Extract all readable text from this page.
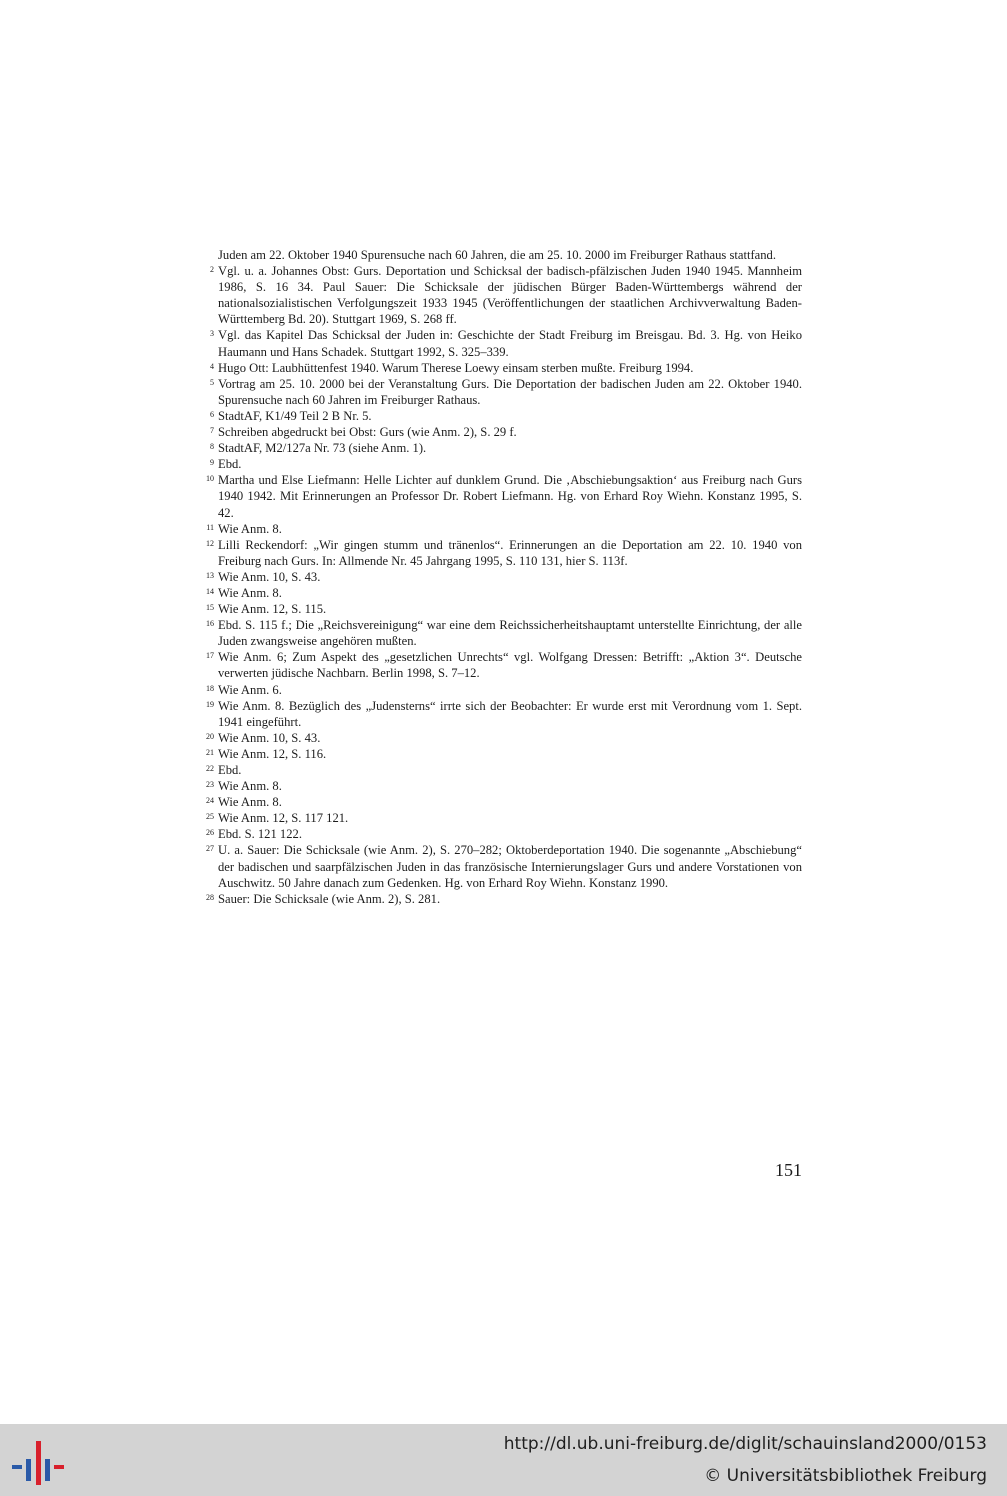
Juden am 22. Oktober 1940 Spurensuche nach 60 Jahren, die am 25. 10. 2000 im Freiburger Rathaus stattfand.
2 Vgl. u. a. Johannes Obst: Gurs. Deportation und Schicksal der badisch-pfälzischen Juden 1940 1945. Mannheim 1986, S. 16 34. Paul Sauer: Die Schicksale der jüdischen Bürger Baden-Württembergs während der nationalsozialistischen Verfolgungszeit 1933 1945 (Veröffentlichungen der staatlichen Archivverwaltung Baden-Württemberg Bd. 20). Stuttgart 1969, S. 268 ff.
3 Vgl. das Kapitel Das Schicksal der Juden in: Geschichte der Stadt Freiburg im Breisgau. Bd. 3. Hg. von Heiko Haumann und Hans Schadek. Stuttgart 1992, S. 325–339.
4 Hugo Ott: Laubhüttenfest 1940. Warum Therese Loewy einsam sterben mußte. Freiburg 1994.
5 Vortrag am 25. 10. 2000 bei der Veranstaltung Gurs. Die Deportation der badischen Juden am 22. Oktober 1940. Spurensuche nach 60 Jahren im Freiburger Rathaus.
6 StadtAF, K1/49 Teil 2 B Nr. 5.
7 Schreiben abgedruckt bei Obst: Gurs (wie Anm. 2), S. 29 f.
8 StadtAF, M2/127a Nr. 73 (siehe Anm. 1).
9 Ebd.
10 Martha und Else Liefmann: Helle Lichter auf dunklem Grund. Die ‚Abschiebungsaktion‘ aus Freiburg nach Gurs 1940 1942. Mit Erinnerungen an Professor Dr. Robert Liefmann. Hg. von Erhard Roy Wiehn. Konstanz 1995, S. 42.
11 Wie Anm. 8.
12 Lilli Reckendorf: „Wir gingen stumm und tränenlos“. Erinnerungen an die Deportation am 22. 10. 1940 von Freiburg nach Gurs. In: Allmende Nr. 45 Jahrgang 1995, S. 110 131, hier S. 113f.
13 Wie Anm. 10, S. 43.
14 Wie Anm. 8.
15 Wie Anm. 12, S. 115.
16 Ebd. S. 115 f.; Die „Reichsvereinigung“ war eine dem Reichssicherheitshauptamt unterstellte Einrichtung, der alle Juden zwangsweise angehören mußten.
17 Wie Anm. 6; Zum Aspekt des „gesetzlichen Unrechts“ vgl. Wolfgang Dressen: Betrifft: „Aktion 3“. Deutsche verwerten jüdische Nachbarn. Berlin 1998, S. 7–12.
18 Wie Anm. 6.
19 Wie Anm. 8. Bezüglich des „Judensterns“ irrte sich der Beobachter: Er wurde erst mit Verordnung vom 1. Sept. 1941 eingeführt.
20 Wie Anm. 10, S. 43.
21 Wie Anm. 12, S. 116.
22 Ebd.
23 Wie Anm. 8.
24 Wie Anm. 8.
25 Wie Anm. 12, S. 117 121.
26 Ebd. S. 121 122.
27 U. a. Sauer: Die Schicksale (wie Anm. 2), S. 270–282; Oktoberdeportation 1940. Die sogenannte „Abschiebung“ der badischen und saarpfälzischen Juden in das französische Internierungslager Gurs und andere Vorstationen von Auschwitz. 50 Jahre danach zum Gedenken. Hg. von Erhard Roy Wiehn. Konstanz 1990.
28 Sauer: Die Schicksale (wie Anm. 2), S. 281.
151
http://dl.ub.uni-freiburg.de/diglit/schauinsland2000/0153
© Universitätsbibliothek Freiburg
